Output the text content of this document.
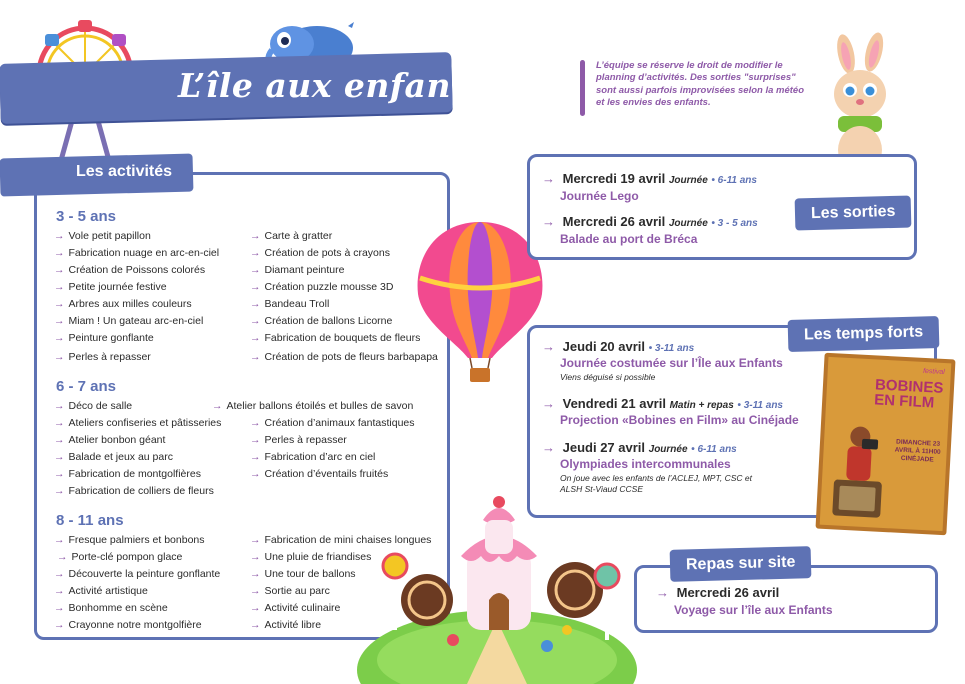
L’île aux enfants
L’équipe se réserve le droit de modifier le planning d’activités. Des sorties "surprises" sont aussi parfois improvisées selon la météo et les envies des enfants.
Les activités
3 - 5 ans
→ Vole petit papillon
→ Fabrication nuage en arc-en-ciel
→ Création de Poissons colorés
→ Petite journée festive
→ Arbres aux milles couleurs
→ Miam ! Un gateau arc-en-ciel
→ Peinture gonflante
→ Perles à repasser
→ Carte à gratter
→ Création de pots à crayons
→ Diamant peinture
→ Création puzzle mousse 3D
→ Bandeau Troll
→ Création de ballons Licorne
→ Fabrication de bouquets de fleurs
→ Création de pots de fleurs barbapapa
6 - 7 ans
→ Déco de salle
→ Ateliers confiseries et pâtisseries
→ Atelier bonbon géant
→ Balade et jeux au parc
→ Fabrication de montgolfières
→ Fabrication de colliers de fleurs
→ Atelier ballons étoilés et bulles de savon
→ Création d’animaux fantastiques
→ Perles à repasser
→ Fabrication d’arc en ciel
→ Création d’éventails fruités
8 - 11 ans
→ Fresque palmiers et bonbons
→ Porte-clé pompon glace
→ Découverte la peinture gonflante
→ Activité artistique
→ Bonhomme en scène
→ Crayonne notre montgolfière
→ Fabrication de mini chaises longues
→ Une pluie de friandises
→ Une tour de ballons
→ Sortie au parc
→ Activité culinaire
→ Activité libre
Les sorties
→ Mercredi 19 avril Journée • 6-11 ans
Journée Lego
→ Mercredi 26 avril Journée • 3 - 5 ans
Balade au port de Bréca
Les temps forts
→ Jeudi 20 avril • 3-11 ans
Journée costumée sur l’Île aux Enfants
Viens déguisé si possible
→ Vendredi 21 avril Matin + repas • 3-11 ans
Projection «Bobines en Film» au Cinéjade
→ Jeudi 27 avril Journée • 6-11 ans
Olympiades intercommunales
On joue avec les enfants de l’ACLEJ, MPT, CSC et ALSH St-Viaud CCSE
festival
BOBINES EN FILM
DIMANCHE 23 AVRIL À 11H00 CINÉJADE
Repas sur site
→ Mercredi 26 avril
Voyage sur l’île aux Enfants
